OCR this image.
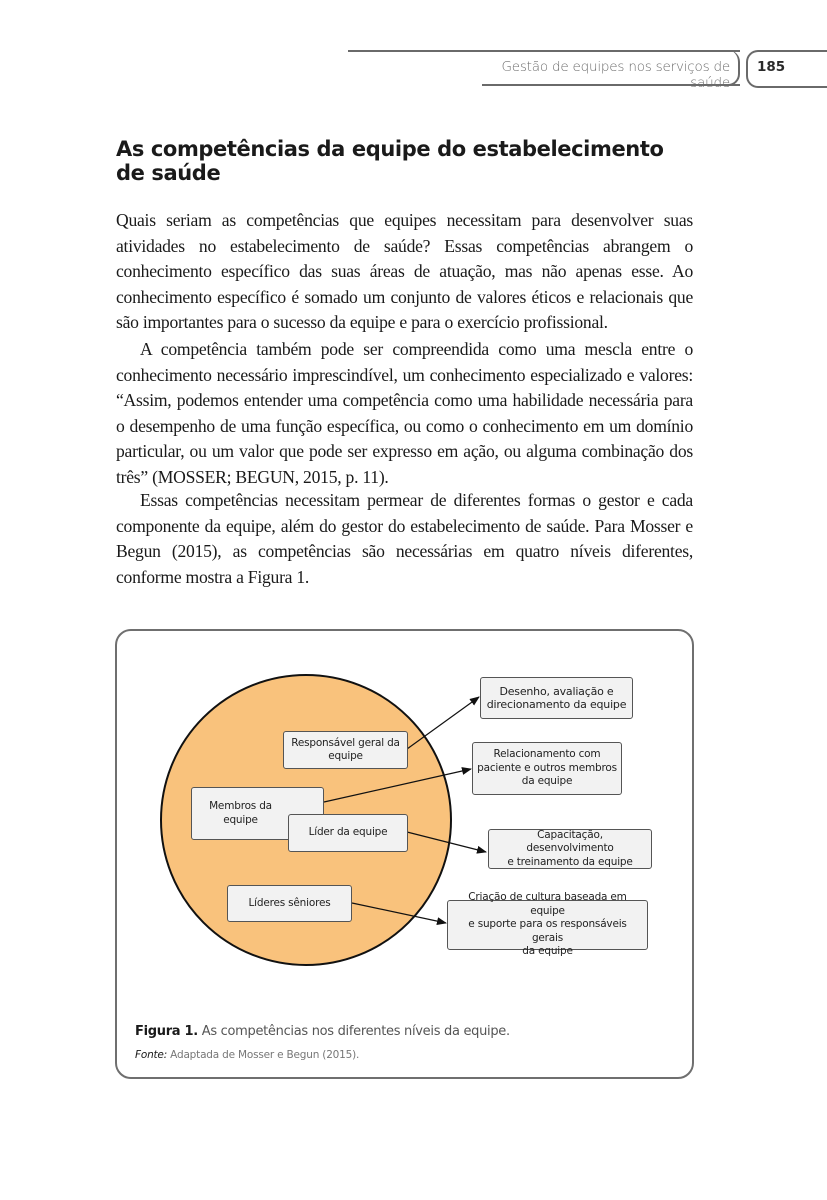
Gestão de equipes nos serviços de saúde
185
As competências da equipe do estabelecimento de saúde
Quais seriam as competências que equipes necessitam para desenvolver suas atividades no estabelecimento de saúde? Essas competências abrangem o conhecimento específico das suas áreas de atuação, mas não apenas esse. Ao conhecimento específico é somado um conjunto de valores éticos e relacionais que são importantes para o sucesso da equipe e para o exercício profissional.
A competência também pode ser compreendida como uma mescla entre o conhecimento necessário imprescindível, um conhecimento especializado e valores: “Assim, podemos entender uma competência como uma habilidade necessária para o desempenho de uma função específica, ou como o conhecimento em um domínio particular, ou um valor que pode ser expresso em ação, ou alguma combinação dos três” (MOSSER; BEGUN, 2015, p. 11).
Essas competências necessitam permear de diferentes formas o gestor e cada componente da equipe, além do gestor do estabelecimento de saúde. Para Mosser e Begun (2015), as competências são necessárias em quatro níveis diferentes, conforme mostra a Figura 1.
Responsável geral da
equipe
Membros da
equipe
Líder da equipe
Líderes sêniores
Desenho, avaliação e
direcionamento da equipe
Relacionamento com
paciente e outros membros
da equipe
Capacitação, desenvolvimento
e treinamento da equipe
Criação de cultura baseada em equipe
e suporte para os responsáveis gerais
da equipe
Figura 1. As competências nos diferentes níveis da equipe.
Fonte: Adaptada de Mosser e Begun (2015).
